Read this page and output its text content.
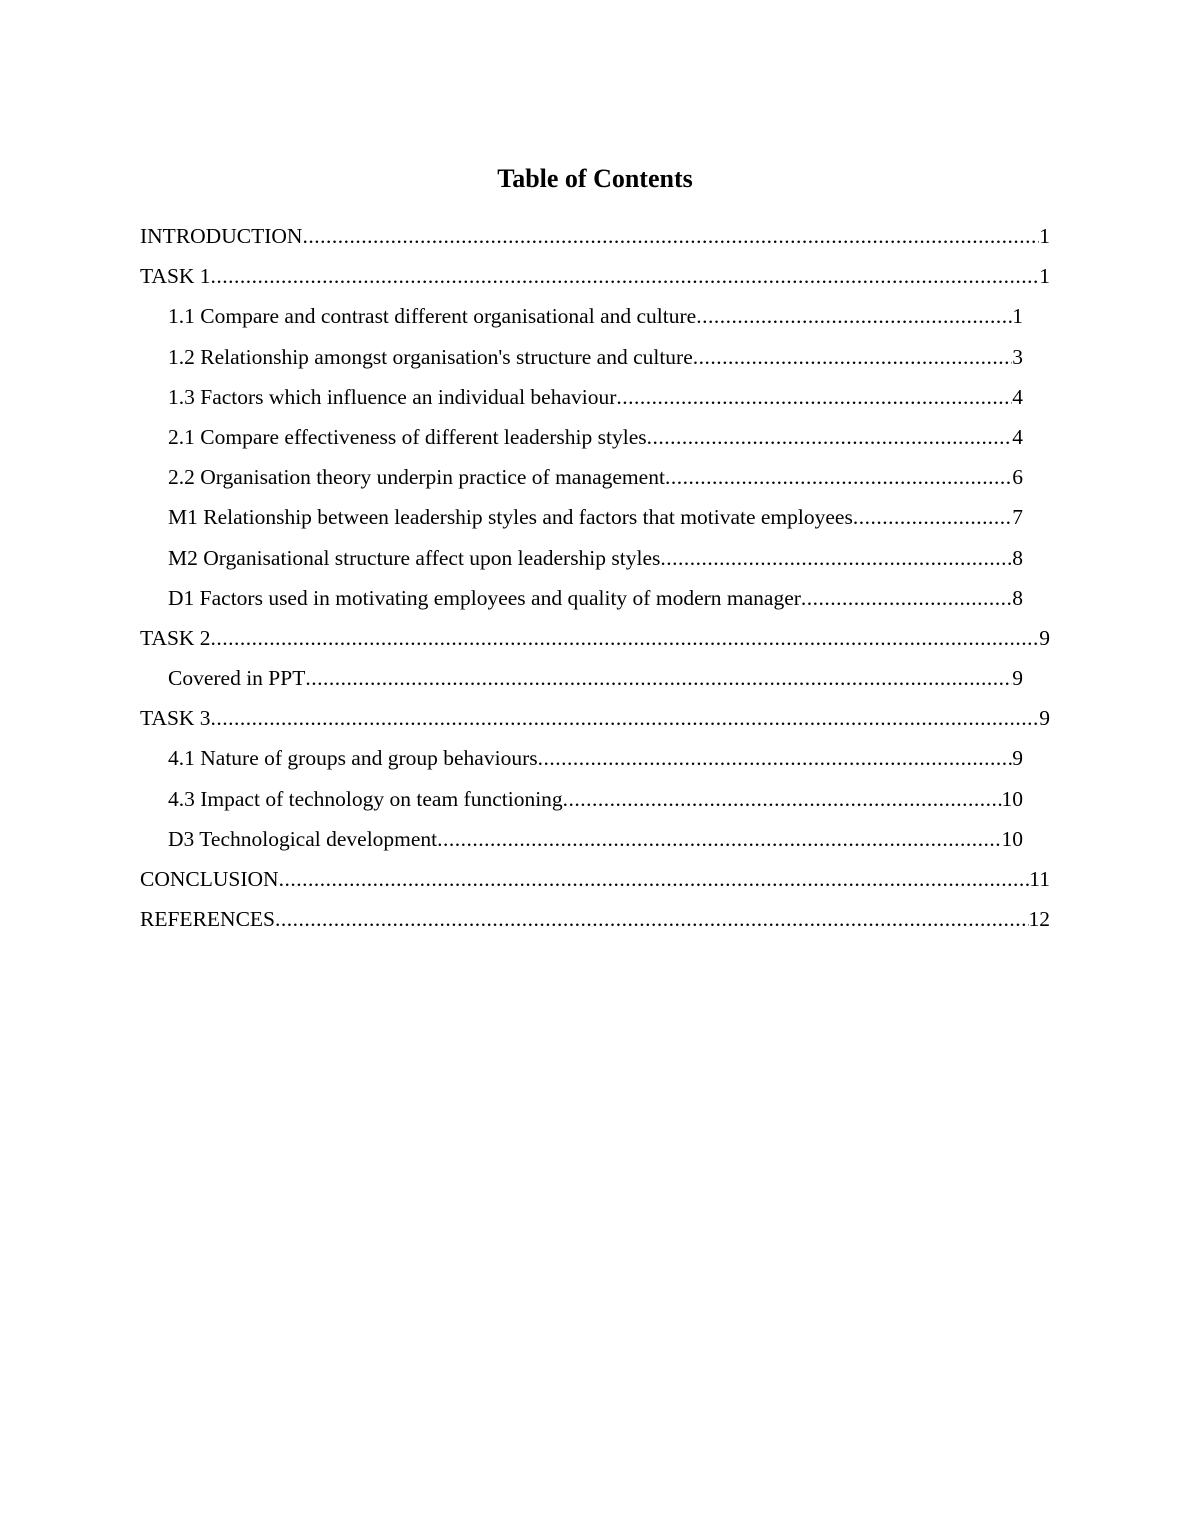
Table of Contents
INTRODUCTION .....	1
TASK 1 .....	1
1.1 Compare and contrast different organisational and culture .....	1
1.2 Relationship amongst organisation's structure and culture .....	3
1.3 Factors which influence an individual behaviour .....	4
2.1 Compare effectiveness of different leadership styles .....	4
2.2 Organisation theory underpin practice of management .....	6
M1 Relationship between leadership styles and factors that motivate employees .....	7
M2 Organisational structure affect upon leadership styles .....	8
D1 Factors used in motivating employees and quality of modern manager .....	8
TASK 2 .....	9
Covered in PPT .....	9
TASK 3 .....	9
4.1 Nature of groups and group behaviours .....	9
4.3 Impact of technology on team functioning .....	10
D3 Technological development .....	10
CONCLUSION .....	11
REFERENCES .....	12
